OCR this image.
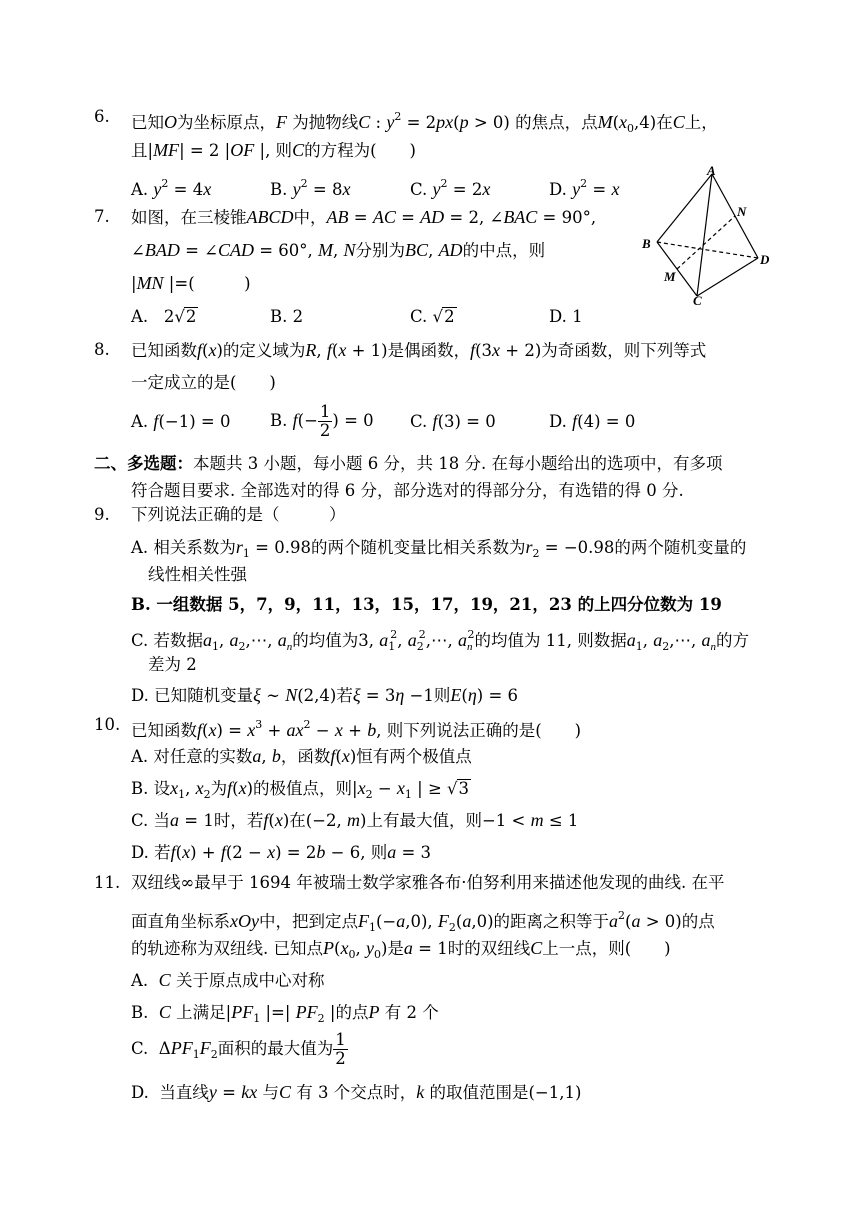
6. 已知O为坐标原点，F 为抛物线C : $y^2 = 2px(p > 0)$ 的焦点，点$M(x_0,4)$在C上，
且|MF| = 2 |OF |, 则C的方程为(　　)
A. $y^2 = 4x$	B. $y^2 = 8x$	C. $y^2 = 2x$	D. $y^2 = x$
7. 如图，在三棱锥ABCD中，AB = AC = AD = 2, ∠BAC = 90°,
∠BAD = ∠CAD = 60°, M, N分别为BC, AD的中点，则
|MN |=(　　　)
A.   2√2	B. 2	C. √2	D. 1
A
B
C
D
M
N
8. 已知函数f(x)的定义域为R, f(x + 1)是偶函数，f(3x + 2)为奇函数，则下列等式
一定成立的是(　　)
A. f(−1) = 0 B. $f(- \frac{1}{2}$ ) = 0 C. f(3) = 0	D. f(4) = 0
二、多选题：本题共 3 小题，每小题 6 分，共 18 分. 在每小题给出的选项中，有多项
符合题目要求. 全部选对的得 6 分，部分选对的得部分分，有选错的得 0 分.
9. 下列说法正确的是（　　　）
A. 相关系数为$r_1 = 0.98$的两个随机变量比相关系数为$r_2 = -0.98$的两个随机变量的
线性相关性强
B. 一组数据 5，7，9，11，13，15，17，19，21，23 的上四分位数为 19
C. 若数据$a_1$, $a_2,\cdots$, $a_n$的均值为3, $a_1^2$, $a_2^2,\cdots$, $a_n^2$的均值为 11, 则数据$a_1$, $a_2,\cdots$, $a_n$的方
差为 2
D. 已知随机变量ξ ∼ N(2,4)若ξ = 3η −1则E(η) = 6
10. 已知函数$f(x) = x^3 + ax^2 - x + b$, 则下列说法正确的是(　　)
A. 对任意的实数a, b，函数f(x)恒有两个极值点
B. 设$x_1$, $x_2$为f(x)的极值点，则$|x_2 - x_1$ | ≥ √3
C. 当a = 1时，若f(x)在(−2, m)上有最大值，则−1 < m ≤ 1
D. 若f(x) + f(2 − x) = 2b − 6, 则a = 3
11. 双纽线∞最早于 1694 年被瑞士数学家雅各布·伯努利用来描述他发现的曲线. 在平
面直角坐标系xOy中，把到定点$F_1(-a,0)$, $F_2(a,0)$的距离之积等于$a^2(a > 0)$的点
的轨迹称为双纽线. 已知点$P(x_0$, $y_0$)是a = 1时的双纽线C上一点，则(　　)
A. C 关于原点成中心对称
B. C 上满足$|PF_1$ |=| $PF_2$ |的点P 有 2 个
C. $\Delta PF_1F_2$面积的最大值为 $\frac{1}{2}$
D. 当直线y = kx 与C 有 3 个交点时，k 的取值范围是(−1,1)
